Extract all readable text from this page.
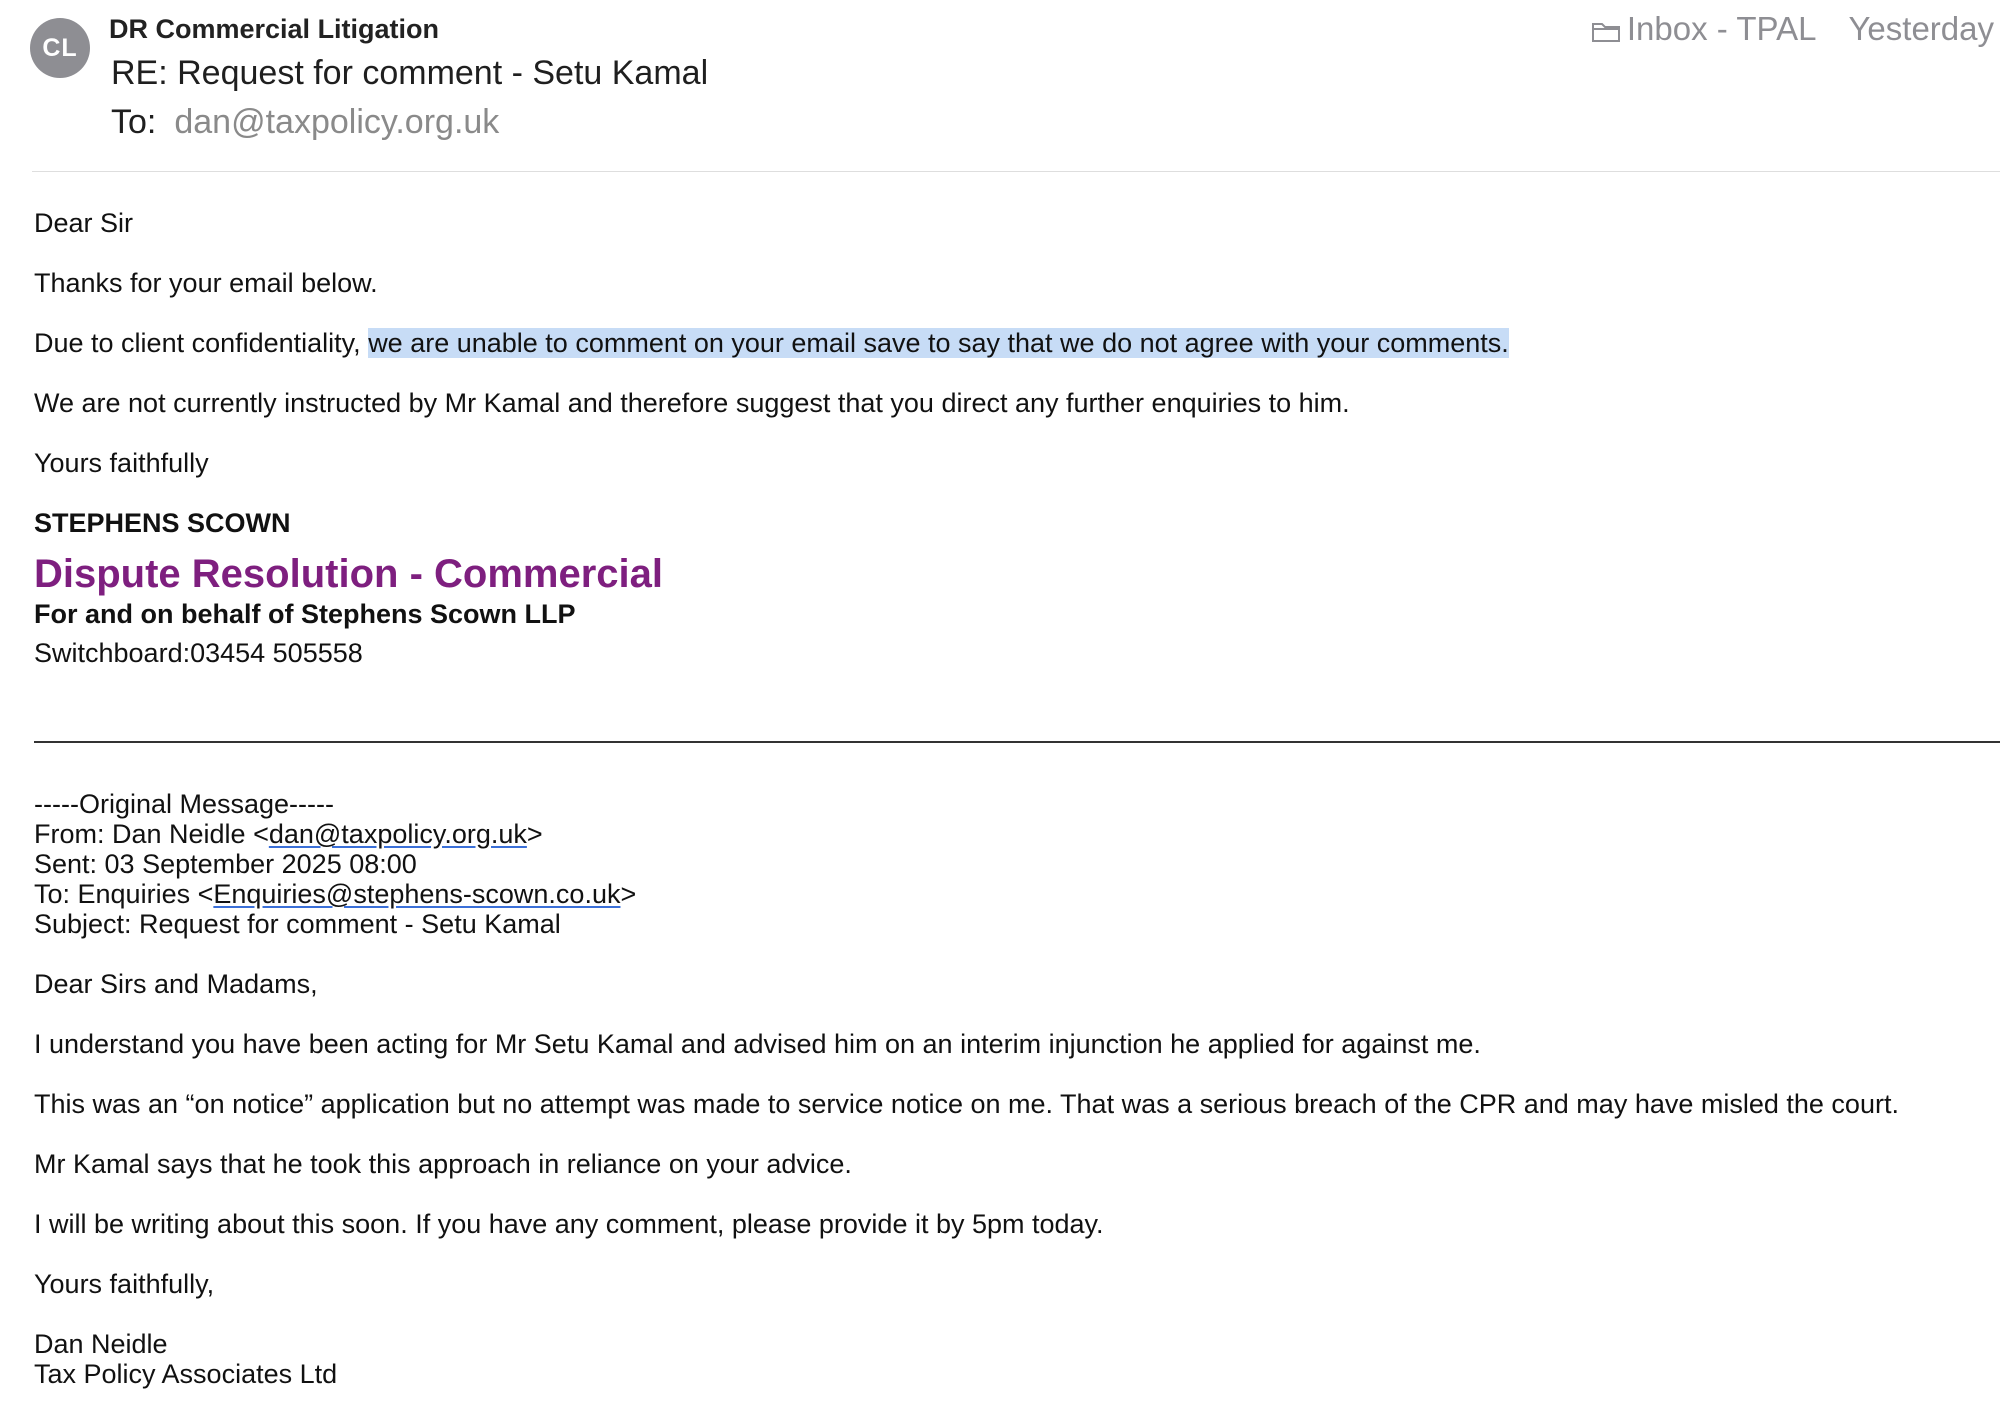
CL
DR Commercial Litigation
RE: Request for comment - Setu Kamal
To: dan@taxpolicy.org.uk
Inbox - TPAL Yesterday
Dear Sir
Thanks for your email below.
Due to client confidentiality, we are unable to comment on your email save to say that we do not agree with your comments.
We are not currently instructed by Mr Kamal and therefore suggest that you direct any further enquiries to him.
Yours faithfully
STEPHENS SCOWN
Dispute Resolution - Commercial
For and on behalf of Stephens Scown LLP
Switchboard:03454 505558
-----Original Message-----
From: Dan Neidle <dan@taxpolicy.org.uk>
Sent: 03 September 2025 08:00
To: Enquiries <Enquiries@stephens-scown.co.uk>
Subject: Request for comment - Setu Kamal
Dear Sirs and Madams,
I understand you have been acting for Mr Setu Kamal and advised him on an interim injunction he applied for against me.
This was an “on notice” application but no attempt was made to service notice on me. That was a serious breach of the CPR and may have misled the court.
Mr Kamal says that he took this approach in reliance on your advice.
I will be writing about this soon. If you have any comment, please provide it by 5pm today.
Yours faithfully,
Dan Neidle
Tax Policy Associates Ltd
